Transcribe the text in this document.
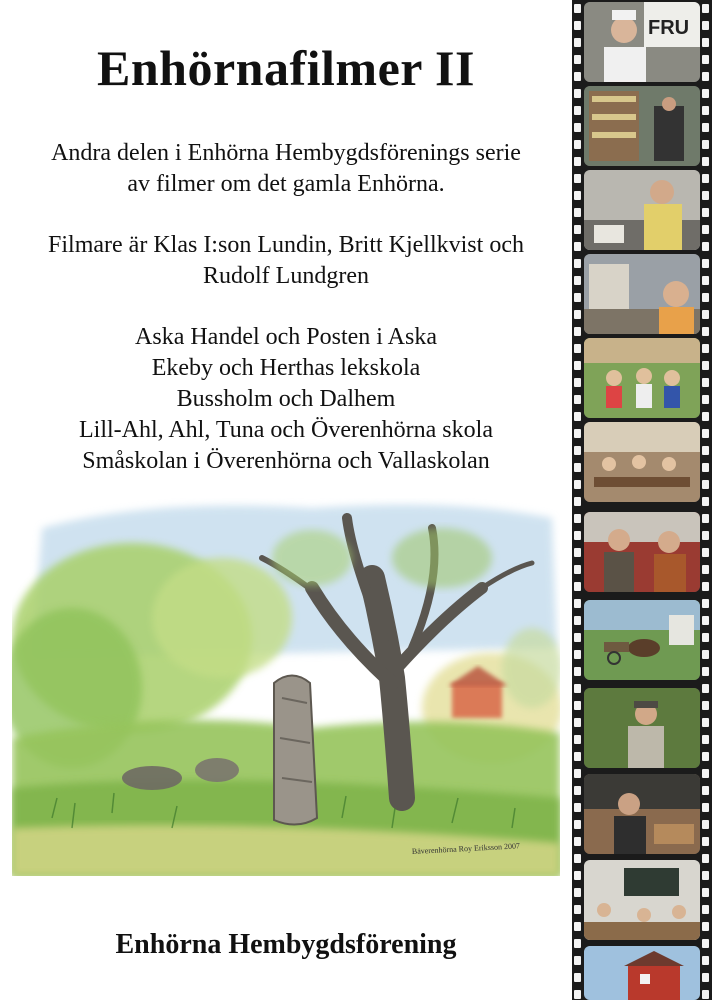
Enhörnafilmer II
Andra delen i Enhörna Hembygdsförenings serie
av filmer om det gamla Enhörna.
Filmare är Klas I:son Lundin, Britt Kjellkvist och
Rudolf Lundgren
Aska Handel och Posten i Aska
Ekeby och Herthas lekskola
Bussholm och Dalhem
Lill-Ahl, Ahl, Tuna och Överenhörna skola
Småskolan i Överenhörna och Vallaskolan
Bäverenhörna Roy Eriksson 2007
Enhörna Hembygdsförening
FRU
